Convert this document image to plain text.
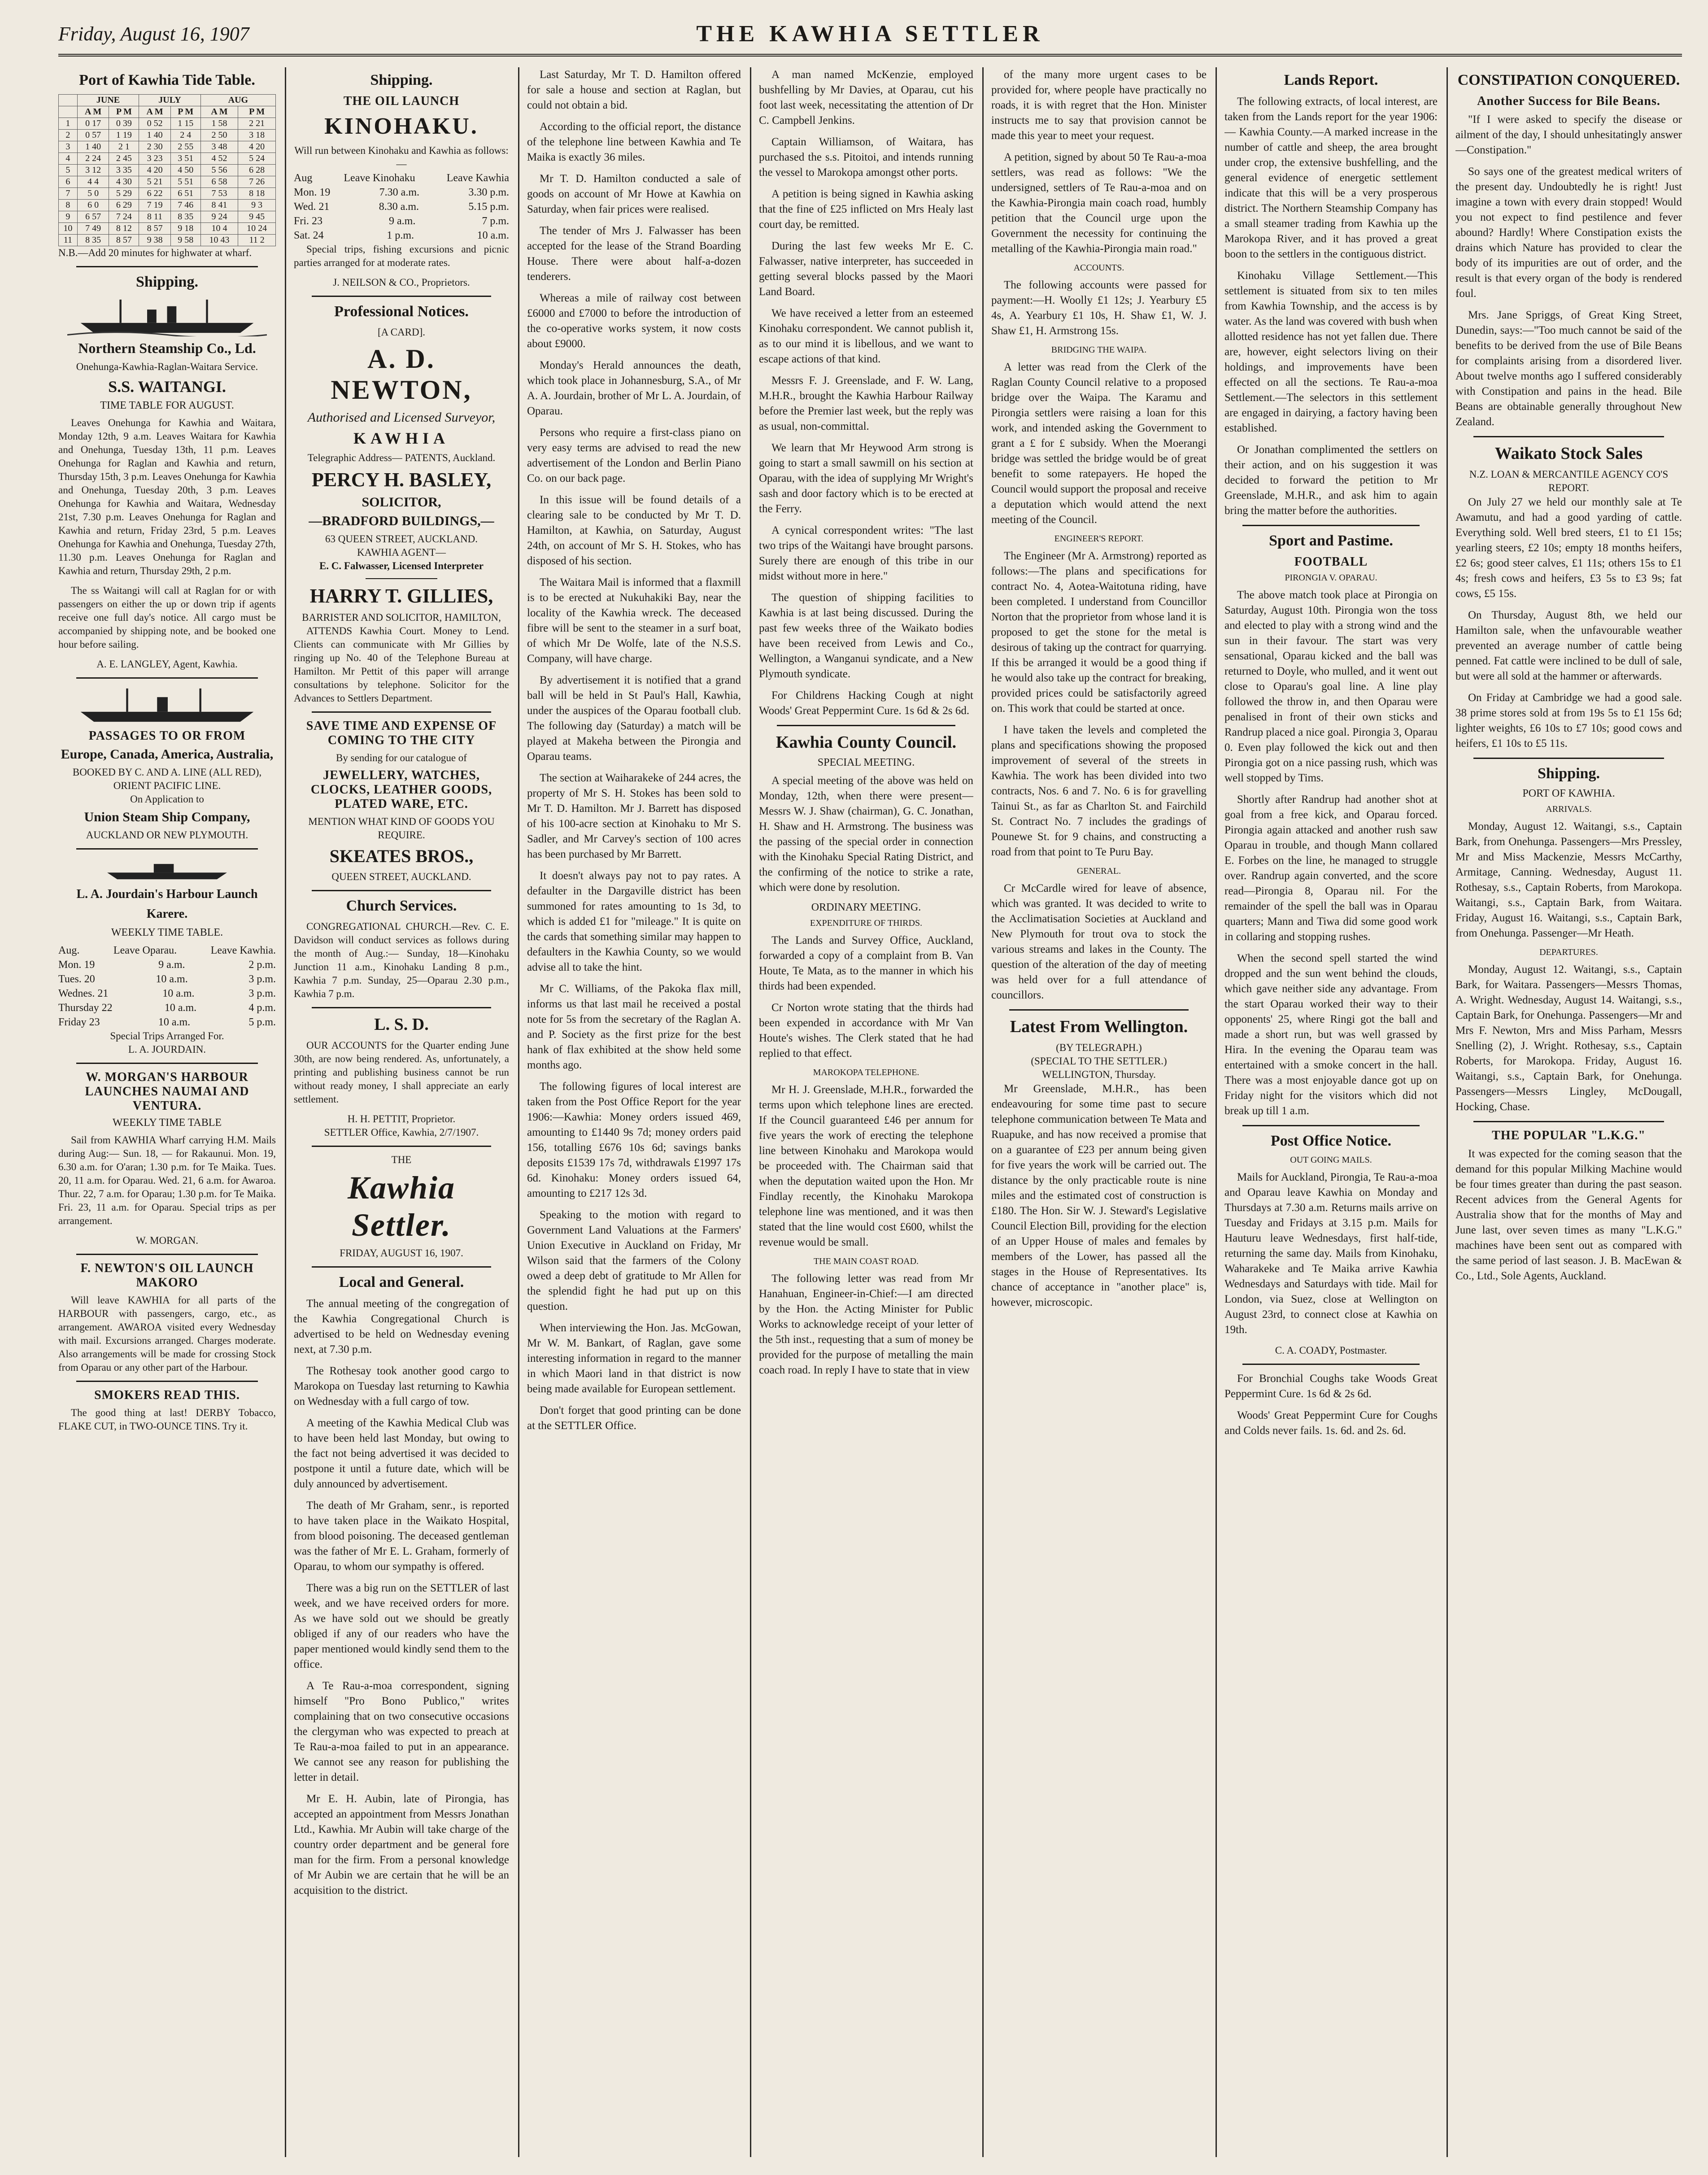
Friday, August 16, 1907	THE KAWHIA SETTLER
Port of Kawhia Tide Table.
	JUNE		JULY		AUG	
	A M	P M	A M	P M	A M	P M
1	0 17	0 39	0 52	1 15	1 58	2 21
2	0 57	1 19	1 40	2 4	2 50	3 18
3	1 40	2 1	2 30	2 55	3 48	4 20
4	2 24	2 45	3 23	3 51	4 52	5 24
5	3 12	3 35	4 20	4 50	5 56	6 28
6	4 4	4 30	5 21	5 51	6 58	7 26
7	5 0	5 29	6 22	6 51	7 53	8 18
8	6 0	6 29	7 19	7 46	8 41	9 3
9	6 57	7 24	8 11	8 35	9 24	9 45
10	7 49	8 12	8 57	9 18	10 4	10 24
11	8 35	8 57	9 38	9 58	10 43	11 2

N.B.—Add 20 minutes for highwater at wharf.

Shipping.
Northern Steamship Co., Ld.
Onehunga-Kawhia-Raglan-Waitara Service.
S.S. WAITANGI.
TIME TABLE FOR AUGUST.

Leaves Onehunga for Kawhia and Waitara, Monday 12th, 9 a.m. Leaves Waitara for Kawhia and Onehunga, Tuesday 13th, 11 p.m. Leaves Onehunga for Raglan and Kawhia and return, Thursday 15th, 3 p.m. Leaves Onehunga for Kawhia and Onehunga, Tuesday 20th, 3 p.m. Leaves Onehunga for Kawhia and Waitara, Wednesday 21st, 7.30 p.m. Leaves Onehunga for Raglan and Kawhia and return, Friday 23rd, 5 p.m. Leaves Onehunga for Kawhia and Onehunga, Tuesday 27th, 11.30 p.m. Leaves Onehunga for Raglan and Kawhia and return, Thursday 29th, 2 p.m.

The ss Waitangi will call at Raglan for or with passengers on either the up or down trip if agents receive one full day's notice. All cargo must be accompanied by shipping note, and be booked one hour before sailing.

A. E. LANGLEY, Agent, Kawhia.
PASSAGES TO OR FROM
Europe, Canada, America, Australia,
BOOKED BY C. AND A. LINE (ALL RED), ORIENT PACIFIC LINE.
On Application to
Union Steam Ship Company,
AUCKLAND OR NEW PLYMOUTH.
L. A. Jourdain's Harbour Launch
Karere.
WEEKLY TIME TABLE.
Aug.	Leave Oparau.	Leave Kawhia.
Mon. 19	9 a.m.	2 p.m.
Tues. 20	10 a.m.	3 p.m.
Wednes. 21	10 a.m.	3 p.m.
Thursday 22	10 a.m.	4 p.m.
Friday 23	10 a.m.	5 p.m.
Special Trips Arranged For.
L. A. JOURDAIN.
W. MORGAN'S HARBOUR LAUNCHES NAUMAI AND VENTURA.
WEEKLY TIME TABLE

Sail from KAWHIA Wharf carrying H.M. Mails during Aug:— Sun. 18, — for Rakaunui. Mon. 19, 6.30 a.m. for O'aran; 1.30 p.m. for Te Maika. Tues. 20, 11 a.m. for Oparau. Wed. 21, 6 a.m. for Awaroa. Thur. 22, 7 a.m. for Oparau; 1.30 p.m. for Te Maika. Fri. 23, 11 a.m. for Oparau. Special trips as per arrangement.

W. MORGAN.
F. NEWTON'S OIL LAUNCH MAKORO

Will leave KAWHIA for all parts of the HARBOUR with passengers, cargo, etc., as arrangement. AWAROA visited every Wednesday with mail. Excursions arranged. Charges moderate. Also arrangements will be made for crossing Stock from Oparau or any other part of the Harbour.

SMOKERS READ THIS.

The good thing at last! DERBY Tobacco, FLAKE CUT, in TWO-OUNCE TINS. Try it.

Shipping.
THE OIL LAUNCH
KINOHAKU.
Will run between Kinohaku and Kawhia as follows:—
Aug	Leave Kinohaku	Leave Kawhia
Mon. 19	7.30 a.m.	3.30 p.m.
Wed. 21	8.30 a.m.	5.15 p.m.
Fri. 23	9 a.m.	7 p.m.
Sat. 24	1 p.m.	10 a.m.

Special trips, fishing excursions and picnic parties arranged for at moderate rates.

J. NEILSON & CO., Proprietors.
Professional Notices.
[A CARD].
A. D. NEWTON,
Authorised and Licensed Surveyor,
KAWHIA
Telegraphic Address— PATENTS, Auckland.
PERCY H. BASLEY,
SOLICITOR,
—BRADFORD BUILDINGS,—
63 QUEEN STREET, AUCKLAND.
KAWHIA AGENT—
E. C. Falwasser, Licensed Interpreter
HARRY T. GILLIES,
BARRISTER AND SOLICITOR, HAMILTON,

ATTENDS Kawhia Court. Money to Lend. Clients can communicate with Mr Gillies by ringing up No. 40 of the Telephone Bureau at Hamilton. Mr Pettit of this paper will arrange consultations by telephone. Solicitor for the Advances to Settlers Department.

SAVE TIME AND EXPENSE OF COMING TO THE CITY
By sending for our catalogue of
JEWELLERY, WATCHES, CLOCKS, LEATHER GOODS, PLATED WARE, ETC.
MENTION WHAT KIND OF GOODS YOU REQUIRE.
SKEATES BROS.,
QUEEN STREET, AUCKLAND.
Church Services.

CONGREGATIONAL CHURCH.—Rev. C. E. Davidson will conduct services as follows during the month of Aug.:— Sunday, 18—Kinohaku Junction 11 a.m., Kinohaku Landing 8 p.m., Kawhia 7 p.m. Sunday, 25—Oparau 2.30 p.m., Kawhia 7 p.m.

L. S. D.

OUR ACCOUNTS for the Quarter ending June 30th, are now being rendered. As, unfortunately, a printing and publishing business cannot be run without ready money, I shall appreciate an early settlement.

H. H. PETTIT, Proprietor.
SETTLER Office, Kawhia, 2/7/1907.
THE
Kawhia Settler.
FRIDAY, AUGUST 16, 1907.
Local and General.

The annual meeting of the congregation of the Kawhia Congregational Church is advertised to be held on Wednesday evening next, at 7.30 p.m.

The Rothesay took another good cargo to Marokopa on Tuesday last returning to Kawhia on Wednesday with a full cargo of tow.

A meeting of the Kawhia Medical Club was to have been held last Monday, but owing to the fact not being advertised it was decided to postpone it until a future date, which will be duly announced by advertisement.

The death of Mr Graham, senr., is reported to have taken place in the Waikato Hospital, from blood poisoning. The deceased gentleman was the father of Mr E. L. Graham, formerly of Oparau, to whom our sympathy is offered.

There was a big run on the SETTLER of last week, and we have received orders for more. As we have sold out we should be greatly obliged if any of our readers who have the paper mentioned would kindly send them to the office.

A Te Rau-a-moa correspondent, signing himself "Pro Bono Publico," writes complaining that on two consecutive occasions the clergyman who was expected to preach at Te Rau-a-moa failed to put in an appearance. We cannot see any reason for publishing the letter in detail.

Mr E. H. Aubin, late of Pirongia, has accepted an appointment from Messrs Jonathan Ltd., Kawhia. Mr Aubin will take charge of the country order department and be general fore man for the firm. From a personal knowledge of Mr Aubin we are certain that he will be an acquisition to the district.

Last Saturday, Mr T. D. Hamilton offered for sale a house and section at Raglan, but could not obtain a bid.

According to the official report, the distance of the telephone line between Kawhia and Te Maika is exactly 36 miles.

Mr T. D. Hamilton conducted a sale of goods on account of Mr Howe at Kawhia on Saturday, when fair prices were realised.

The tender of Mrs J. Falwasser has been accepted for the lease of the Strand Boarding House. There were about half-a-dozen tenderers.

Whereas a mile of railway cost between £6000 and £7000 to before the introduction of the co-operative works system, it now costs about £9000.

Monday's Herald announces the death, which took place in Johannesburg, S.A., of Mr A. A. Jourdain, brother of Mr L. A. Jourdain, of Oparau.

Persons who require a first-class piano on very easy terms are advised to read the new advertisement of the London and Berlin Piano Co. on our back page.

In this issue will be found details of a clearing sale to be conducted by Mr T. D. Hamilton, at Kawhia, on Saturday, August 24th, on account of Mr S. H. Stokes, who has disposed of his section.

The Waitara Mail is informed that a flaxmill is to be erected at Nukuhakiki Bay, near the locality of the Kawhia wreck. The deceased fibre will be sent to the steamer in a surf boat, of which Mr De Wolfe, late of the N.S.S. Company, will have charge.

By advertisement it is notified that a grand ball will be held in St Paul's Hall, Kawhia, under the auspices of the Oparau football club. The following day (Saturday) a match will be played at Makeha between the Pirongia and Oparau teams.

The section at Waiharakeke of 244 acres, the property of Mr S. H. Stokes has been sold to Mr T. D. Hamilton. Mr J. Barrett has disposed of his 100-acre section at Kinohaku to Mr S. Sadler, and Mr Carvey's section of 100 acres has been purchased by Mr Barrett.

It doesn't always pay not to pay rates. A defaulter in the Dargaville district has been summoned for rates amounting to 1s 3d, to which is added £1 for "mileage." It is quite on the cards that something similar may happen to defaulters in the Kawhia County, so we would advise all to take the hint.

Mr C. Williams, of the Pakoka flax mill, informs us that last mail he received a postal note for 5s from the secretary of the Raglan A. and P. Society as the first prize for the best hank of flax exhibited at the show held some months ago.

The following figures of local interest are taken from the Post Office Report for the year 1906:—Kawhia: Money orders issued 469, amounting to £1440 9s 7d; money orders paid 156, totalling £676 10s 6d; savings banks deposits £1539 17s 7d, withdrawals £1997 17s 6d. Kinohaku: Money orders issued 64, amounting to £217 12s 3d.

Speaking to the motion with regard to Government Land Valuations at the Farmers' Union Executive in Auckland on Friday, Mr Wilson said that the farmers of the Colony owed a deep debt of gratitude to Mr Allen for the splendid fight he had put up on this question.

When interviewing the Hon. Jas. McGowan, Mr W. M. Bankart, of Raglan, gave some interesting information in regard to the manner in which Maori land in that district is now being made available for European settlement.

Don't forget that good printing can be done at the SETTLER Office.

A man named McKenzie, employed bushfelling by Mr Davies, at Oparau, cut his foot last week, necessitating the attention of Dr C. Campbell Jenkins.

Captain Williamson, of Waitara, has purchased the s.s. Pitoitoi, and intends running the vessel to Marokopa amongst other ports.

A petition is being signed in Kawhia asking that the fine of £25 inflicted on Mrs Healy last court day, be remitted.

During the last few weeks Mr E. C. Falwasser, native interpreter, has succeeded in getting several blocks passed by the Maori Land Board.

We have received a letter from an esteemed Kinohaku correspondent. We cannot publish it, as to our mind it is libellous, and we want to escape actions of that kind.

Messrs F. J. Greenslade, and F. W. Lang, M.H.R., brought the Kawhia Harbour Railway before the Premier last week, but the reply was as usual, non-committal.

We learn that Mr Heywood Arm strong is going to start a small sawmill on his section at Oparau, with the idea of supplying Mr Wright's sash and door factory which is to be erected at the Ferry.

A cynical correspondent writes: "The last two trips of the Waitangi have brought parsons. Surely there are enough of this tribe in our midst without more in here."

The question of shipping facilities to Kawhia is at last being discussed. During the past few weeks three of the Waikato bodies have been received from Lewis and Co., Wellington, a Wanganui syndicate, and a New Plymouth syndicate.

For Childrens Hacking Cough at night Woods' Great Peppermint Cure. 1s 6d & 2s 6d.

Kawhia County Council.
SPECIAL MEETING.

A special meeting of the above was held on Monday, 12th, when there were present—Messrs W. J. Shaw (chairman), G. C. Jonathan, H. Shaw and H. Armstrong. The business was the passing of the special order in connection with the Kinohaku Special Rating District, and the confirming of the notice to strike a rate, which were done by resolution.

ORDINARY MEETING.
EXPENDITURE OF THIRDS.

The Lands and Survey Office, Auckland, forwarded a copy of a complaint from B. Van Houte, Te Mata, as to the manner in which his thirds had been expended.

Cr Norton wrote stating that the thirds had been expended in accordance with Mr Van Houte's wishes. The Clerk stated that he had replied to that effect.

MAROKOPA TELEPHONE.

Mr H. J. Greenslade, M.H.R., forwarded the terms upon which telephone lines are erected. If the Council guaranteed £46 per annum for five years the work of erecting the telephone line between Kinohaku and Marokopa would be proceeded with. The Chairman said that when the deputation waited upon the Hon. Mr Findlay recently, the Kinohaku Marokopa telephone line was mentioned, and it was then stated that the line would cost £600, whilst the revenue would be small.

THE MAIN COAST ROAD.

The following letter was read from Mr Hanahuan, Engineer-in-Chief:—I am directed by the Hon. the Acting Minister for Public Works to acknowledge receipt of your letter of the 5th inst., requesting that a sum of money be provided for the purpose of metalling the main coach road. In reply I have to state that in view

of the many more urgent cases to be provided for, where people have practically no roads, it is with regret that the Hon. Minister instructs me to say that provision cannot be made this year to meet your request.

A petition, signed by about 50 Te Rau-a-moa settlers, was read as follows: "We the undersigned, settlers of Te Rau-a-moa and on the Kawhia-Pirongia main coach road, humbly petition that the Council urge upon the Government the necessity for continuing the metalling of the Kawhia-Pirongia main road."

ACCOUNTS.

The following accounts were passed for payment:—H. Woolly £1 12s; J. Yearbury £5 4s, A. Yearbury £1 10s, H. Shaw £1, W. J. Shaw £1, H. Armstrong 15s.

BRIDGING THE WAIPA.

A letter was read from the Clerk of the Raglan County Council relative to a proposed bridge over the Waipa. The Karamu and Pirongia settlers were raising a loan for this work, and intended asking the Government to grant a £ for £ subsidy. When the Moerangi bridge was settled the bridge would be of great benefit to some ratepayers. He hoped the Council would support the proposal and receive a deputation which would attend the next meeting of the Council.

ENGINEER'S REPORT.

The Engineer (Mr A. Armstrong) reported as follows:—The plans and specifications for contract No. 4, Aotea-Waitotuna riding, have been completed. I understand from Councillor Norton that the proprietor from whose land it is proposed to get the stone for the metal is desirous of taking up the contract for quarrying. If this be arranged it would be a good thing if he would also take up the contract for breaking, provided prices could be satisfactorily agreed on. This work that could be started at once.

I have taken the levels and completed the plans and specifications showing the proposed improvement of several of the streets in Kawhia. The work has been divided into two contracts, Nos. 6 and 7. No. 6 is for gravelling Tainui St., as far as Charlton St. and Fairchild St. Contract No. 7 includes the gradings of Pounewe St. for 9 chains, and constructing a road from that point to Te Puru Bay.

GENERAL.

Cr McCardle wired for leave of absence, which was granted. It was decided to write to the Acclimatisation Societies at Auckland and New Plymouth for trout ova to stock the various streams and lakes in the County. The question of the alteration of the day of meeting was held over for a full attendance of councillors.

Latest From Wellington.
(BY TELEGRAPH.)
(SPECIAL TO THE SETTLER.)
WELLINGTON, Thursday.

Mr Greenslade, M.H.R., has been endeavouring for some time past to secure telephone communication between Te Mata and Ruapuke, and has now received a promise that on a guarantee of £23 per annum being given for five years the work will be carried out. The distance by the only practicable route is nine miles and the estimated cost of construction is £180. The Hon. Sir W. J. Steward's Legislative Council Election Bill, providing for the election of an Upper House of males and females by members of the Lower, has passed all the stages in the House of Representatives. Its chance of acceptance in "another place" is, however, microscopic.

Lands Report.

The following extracts, of local interest, are taken from the Lands report for the year 1906:— Kawhia County.—A marked increase in the number of cattle and sheep, the area brought under crop, the extensive bushfelling, and the general evidence of energetic settlement indicate that this will be a very prosperous district. The Northern Steamship Company has a small steamer trading from Kawhia up the Marokopa River, and it has proved a great boon to the settlers in the contiguous district.

Kinohaku Village Settlement.—This settlement is situated from six to ten miles from Kawhia Township, and the access is by water. As the land was covered with bush when allotted residence has not yet fallen due. There are, however, eight selectors living on their holdings, and improvements have been effected on all the sections. Te Rau-a-moa Settlement.—The selectors in this settlement are engaged in dairying, a factory having been established.

Or Jonathan complimented the settlers on their action, and on his suggestion it was decided to forward the petition to Mr Greenslade, M.H.R., and ask him to again bring the matter before the authorities.

Sport and Pastime.
FOOTBALL
PIRONGIA V. OPARAU.

The above match took place at Pirongia on Saturday, August 10th. Pirongia won the toss and elected to play with a strong wind and the sun in their favour. The start was very sensational, Oparau kicked and the ball was returned to Doyle, who mulled, and it went out close to Oparau's goal line. A line play followed the throw in, and then Oparau were penalised in front of their own sticks and Randrup placed a nice goal. Pirongia 3, Oparau 0. Even play followed the kick out and then Pirongia got on a nice passing rush, which was well stopped by Tims.

Shortly after Randrup had another shot at goal from a free kick, and Oparau forced. Pirongia again attacked and another rush saw Oparau in trouble, and though Mann collared E. Forbes on the line, he managed to struggle over. Randrup again converted, and the score read—Pirongia 8, Oparau nil. For the remainder of the spell the ball was in Oparau quarters; Mann and Tiwa did some good work in collaring and stopping rushes.

When the second spell started the wind dropped and the sun went behind the clouds, which gave neither side any advantage. From the start Oparau worked their way to their opponents' 25, where Ringi got the ball and made a short run, but was well grassed by Hira. In the evening the Oparau team was entertained with a smoke concert in the hall. There was a most enjoyable dance got up on Friday night for the visitors which did not break up till 1 a.m.

Post Office Notice.
OUT GOING MAILS.

Mails for Auckland, Pirongia, Te Rau-a-moa and Oparau leave Kawhia on Monday and Thursdays at 7.30 a.m. Returns mails arrive on Tuesday and Fridays at 3.15 p.m. Mails for Hauturu leave Wednesdays, first half-tide, returning the same day. Mails from Kinohaku, Waharakeke and Te Maika arrive Kawhia Wednesdays and Saturdays with tide. Mail for London, via Suez, close at Wellington on August 23rd, to connect close at Kawhia on 19th.

C. A. COADY, Postmaster.

For Bronchial Coughs take Woods Great Peppermint Cure. 1s 6d & 2s 6d.

Woods' Great Peppermint Cure for Coughs and Colds never fails. 1s. 6d. and 2s. 6d.

CONSTIPATION CONQUERED.
Another Success for Bile Beans.

"If I were asked to specify the disease or ailment of the day, I should unhesitatingly answer—Constipation."

So says one of the greatest medical writers of the present day. Undoubtedly he is right! Just imagine a town with every drain stopped! Would you not expect to find pestilence and fever abound? Hardly! Where Constipation exists the drains which Nature has provided to clear the body of its impurities are out of order, and the result is that every organ of the body is rendered foul.

Mrs. Jane Spriggs, of Great King Street, Dunedin, says:—"Too much cannot be said of the benefits to be derived from the use of Bile Beans for complaints arising from a disordered liver. About twelve months ago I suffered considerably with Constipation and pains in the head. Bile Beans are obtainable generally throughout New Zealand.

Waikato Stock Sales
N.Z. LOAN & MERCANTILE AGENCY CO'S REPORT.

On July 27 we held our monthly sale at Te Awamutu, and had a good yarding of cattle. Everything sold. Well bred steers, £1 to £1 15s; yearling steers, £2 10s; empty 18 months heifers, £2 6s; good steer calves, £1 11s; others 15s to £1 4s; fresh cows and heifers, £3 5s to £3 9s; fat cows, £5 15s.

On Thursday, August 8th, we held our Hamilton sale, when the unfavourable weather prevented an average number of cattle being penned. Fat cattle were inclined to be dull of sale, but were all sold at the hammer or afterwards.

On Friday at Cambridge we had a good sale. 38 prime stores sold at from 19s 5s to £1 15s 6d; lighter weights, £6 10s to £7 10s; good cows and heifers, £1 10s to £5 11s.

Shipping.
PORT OF KAWHIA.
ARRIVALS.

Monday, August 12. Waitangi, s.s., Captain Bark, from Onehunga. Passengers—Mrs Pressley, Mr and Miss Mackenzie, Messrs McCarthy, Armitage, Canning. Wednesday, August 11. Rothesay, s.s., Captain Roberts, from Marokopa. Waitangi, s.s., Captain Bark, from Waitara. Friday, August 16. Waitangi, s.s., Captain Bark, from Onehunga. Passenger—Mr Heath.

DEPARTURES.

Monday, August 12. Waitangi, s.s., Captain Bark, for Waitara. Passengers—Messrs Thomas, A. Wright. Wednesday, August 14. Waitangi, s.s., Captain Bark, for Onehunga. Passengers—Mr and Mrs F. Newton, Mrs and Miss Parham, Messrs Snelling (2), J. Wright. Rothesay, s.s., Captain Roberts, for Marokopa. Friday, August 16. Waitangi, s.s., Captain Bark, for Onehunga. Passengers—Messrs Lingley, McDougall, Hocking, Chase.

THE POPULAR "L.K.G."

It was expected for the coming season that the demand for this popular Milking Machine would be four times greater than during the past season. Recent advices from the General Agents for Australia show that for the months of May and June last, over seven times as many "L.K.G." machines have been sent out as compared with the same period of last season. J. B. MacEwan & Co., Ltd., Sole Agents, Auckland.
